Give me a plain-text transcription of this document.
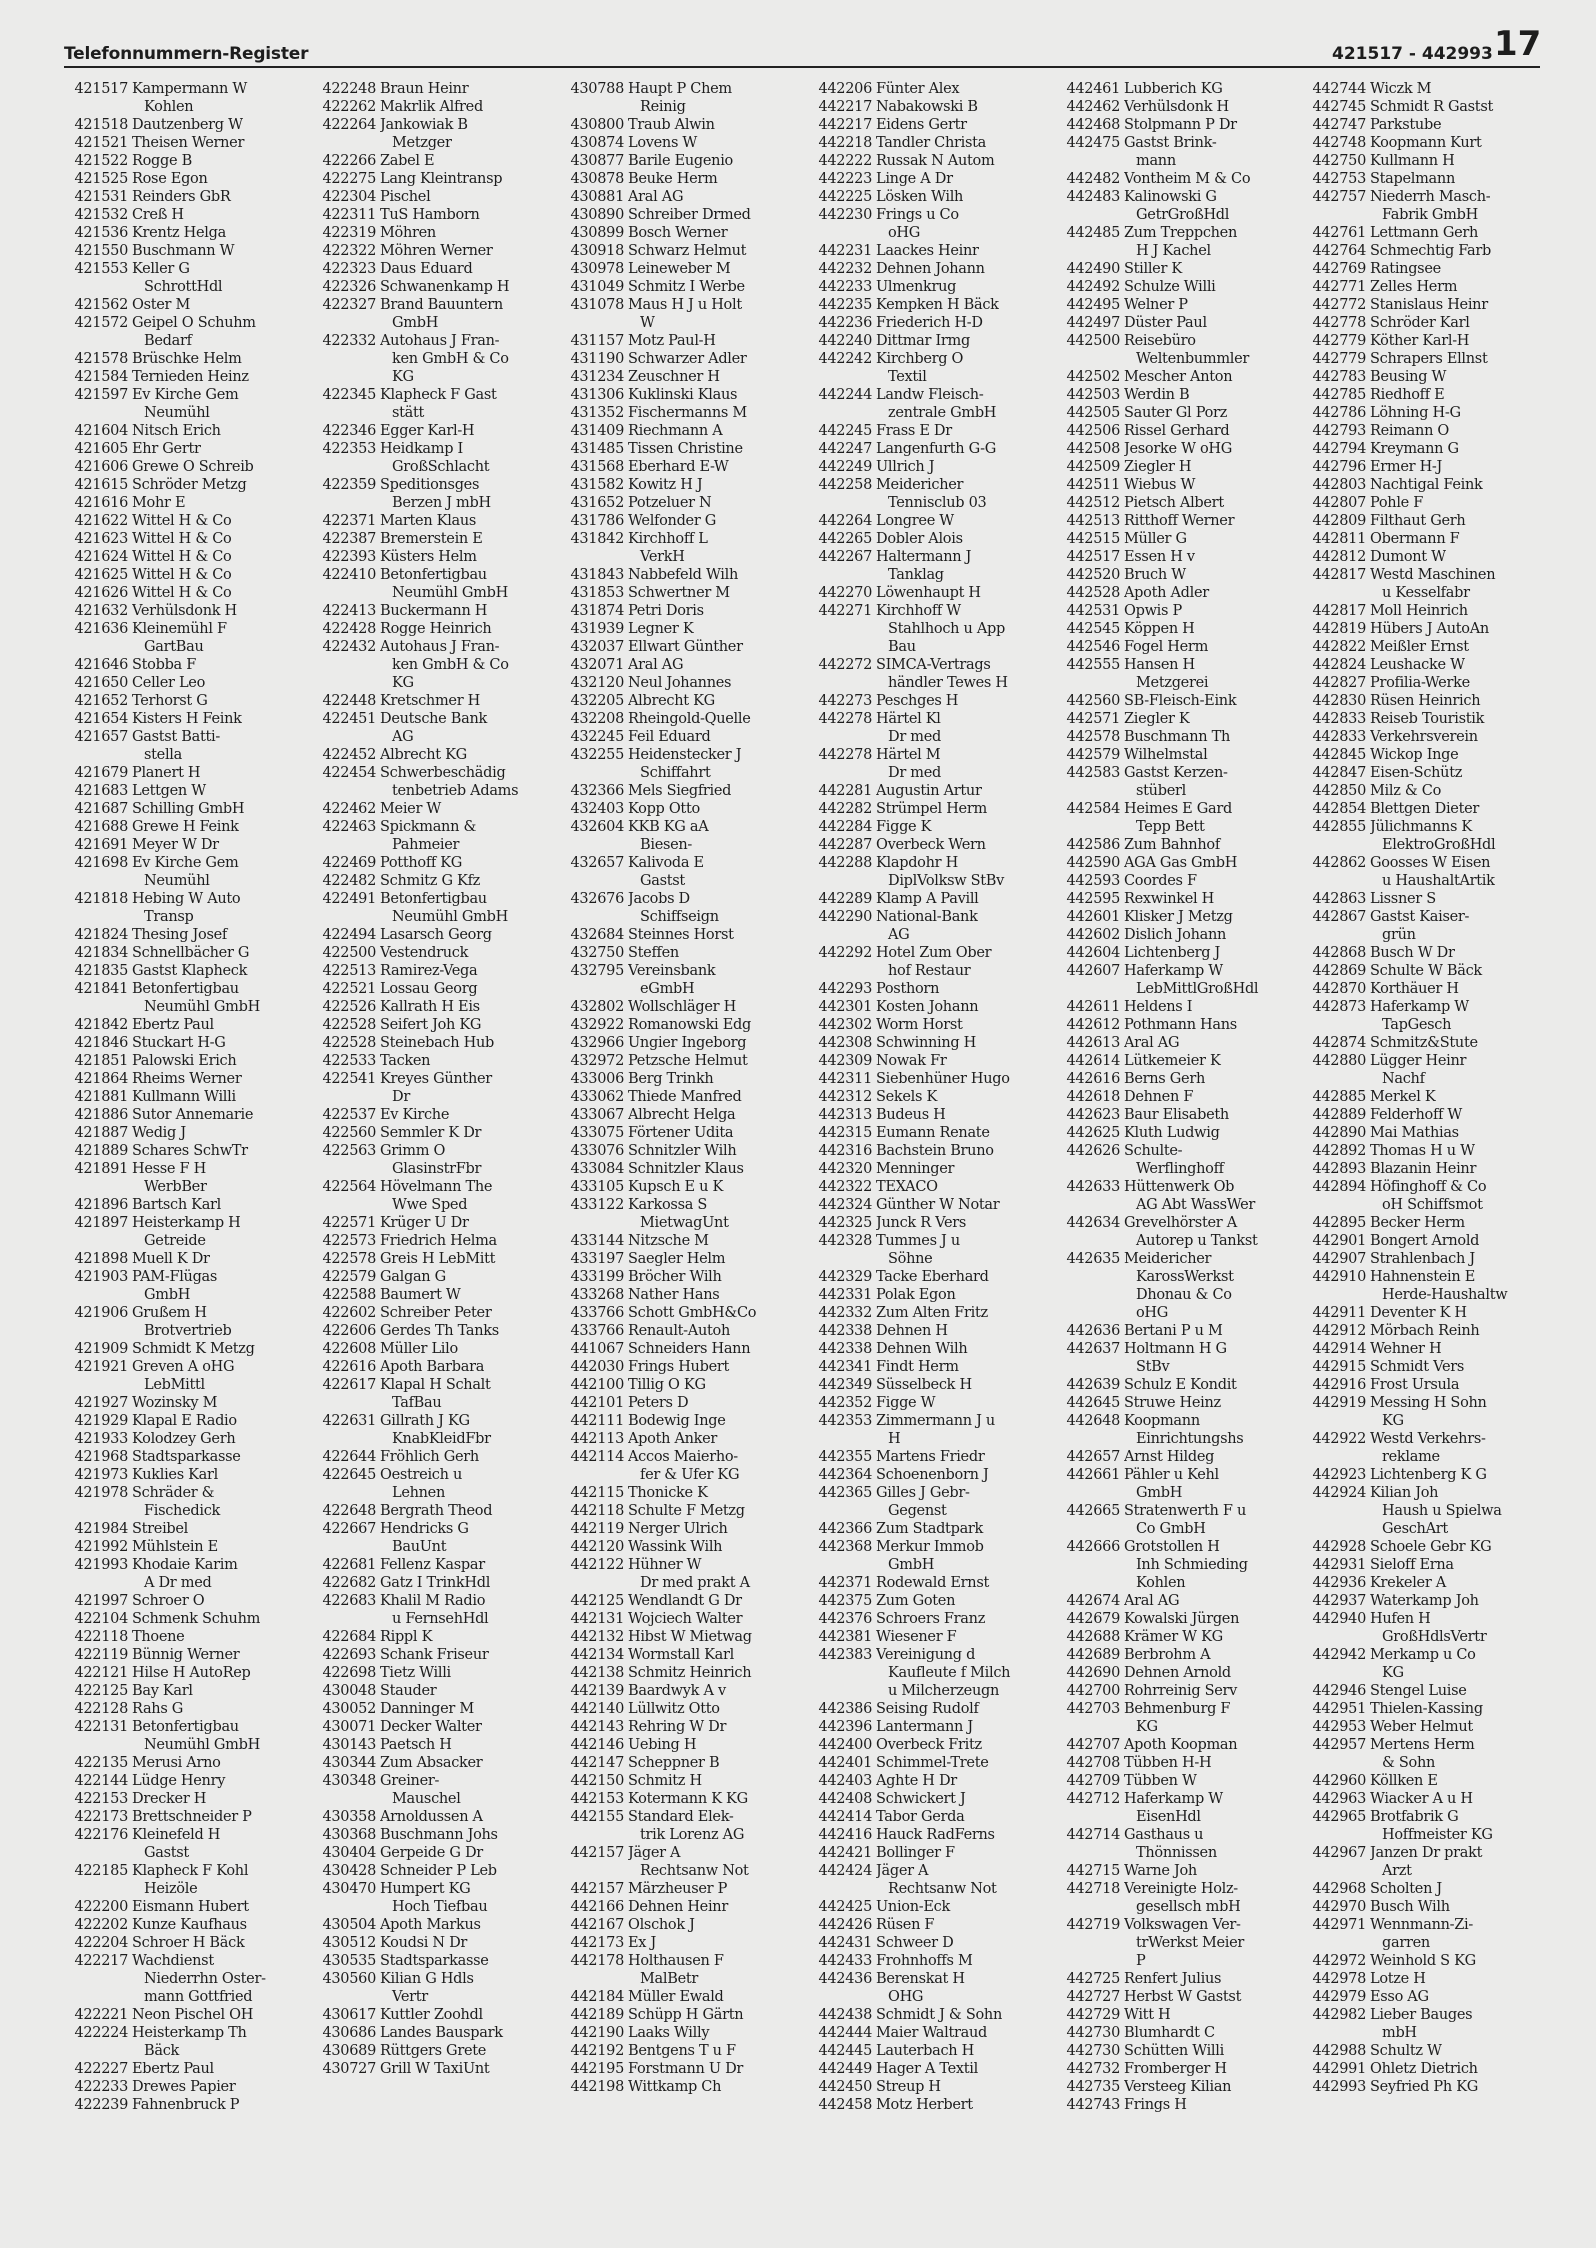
Telefonnummern-Register	421517 - 442993 17
421517 Kampermann W
Kohlen
421518 Dautzenberg W
421521 Theisen Werner
421522 Rogge B
421525 Rose Egon
421531 Reinders GbR
421532 Creß H
421536 Krentz Helga
421550 Buschmann W
421553 Keller G
SchrottHdl
421562 Oster M
421572 Geipel O Schuhm
Bedarf
421578 Brüschke Helm
421584 Ternieden Heinz
421597 Ev Kirche Gem
Neumühl
421604 Nitsch Erich
421605 Ehr Gertr
421606 Grewe O Schreib
421615 Schröder Metzg
421616 Mohr E
421622 Wittel H & Co
421623 Wittel H & Co
421624 Wittel H & Co
421625 Wittel H & Co
421626 Wittel H & Co
421632 Verhülsdonk H
421636 Kleinemühl F
GartBau
421646 Stobba F
421650 Celler Leo
421652 Terhorst G
421654 Kisters H Feink
421657 Gastst Batti-
stella
421679 Planert H
421683 Lettgen W
421687 Schilling GmbH
421688 Grewe H Feink
421691 Meyer W Dr
421698 Ev Kirche Gem
Neumühl
421818 Hebing W Auto
Transp
421824 Thesing Josef
421834 Schnellbächer G
421835 Gastst Klapheck
421841 Betonfertigbau
Neumühl GmbH
421842 Ebertz Paul
421846 Stuckart H-G
421851 Palowski Erich
421864 Rheims Werner
421881 Kullmann Willi
421886 Sutor Annemarie
421887 Wedig J
421889 Schares SchwTr
421891 Hesse F H
WerbBer
421896 Bartsch Karl
421897 Heisterkamp H
Getreide
421898 Muell K Dr
421903 PAM-Flügas
GmbH
421906 Grußem H
Brotvertrieb
421909 Schmidt K Metzg
421921 Greven A oHG
LebMittl
421927 Wozinsky M
421929 Klapal E Radio
421933 Kolodzey Gerh
421968 Stadtsparkasse
421973 Kuklies Karl
421978 Schräder &
Fischedick
421984 Streibel
421992 Mühlstein E
421993 Khodaie Karim
A Dr med
421997 Schroer O
422104 Schmenk Schuhm
422118 Thoene
422119 Bünnig Werner
422121 Hilse H AutoRep
422125 Bay Karl
422128 Rahs G
422131 Betonfertigbau
Neumühl GmbH
422135 Merusi Arno
422144 Lüdge Henry
422153 Drecker H
422173 Brettschneider P
422176 Kleinefeld H
Gastst
422185 Klapheck F Kohl
Heizöle
422200 Eismann Hubert
422202 Kunze Kaufhaus
422204 Schroer H Bäck
422217 Wachdienst
Niederrhn Oster-
mann Gottfried
422221 Neon Pischel OH
422224 Heisterkamp Th
Bäck
422227 Ebertz Paul
422233 Drewes Papier
422239 Fahnenbruck P
422248 Braun Heinr
422262 Makrlik Alfred
422264 Jankowiak B
Metzger
422266 Zabel E
422275 Lang Kleintransp
422304 Pischel
422311 TuS Hamborn
422319 Möhren
422322 Möhren Werner
422323 Daus Eduard
422326 Schwanenkamp H
422327 Brand Bauuntern
GmbH
422332 Autohaus J Fran-
ken GmbH & Co
KG
422345 Klapheck F Gast
stätt
422346 Egger Karl-H
422353 Heidkamp I
GroßSchlacht
422359 Speditionsges
Berzen J mbH
422371 Marten Klaus
422387 Bremerstein E
422393 Küsters Helm
422410 Betonfertigbau
Neumühl GmbH
422413 Buckermann H
422428 Rogge Heinrich
422432 Autohaus J Fran-
ken GmbH & Co
KG
422448 Kretschmer H
422451 Deutsche Bank
AG
422452 Albrecht KG
422454 Schwerbeschädig
tenbetrieb Adams
422462 Meier W
422463 Spickmann &
Pahmeier
422469 Potthoff KG
422482 Schmitz G Kfz
422491 Betonfertigbau
Neumühl GmbH
422494 Lasarsch Georg
422500 Vestendruck
422513 Ramirez-Vega
422521 Lossau Georg
422526 Kallrath H Eis
422528 Seifert Joh KG
422528 Steinebach Hub
422533 Tacken
422541 Kreyes Günther
Dr
422537 Ev Kirche
422560 Semmler K Dr
422563 Grimm O
GlasinstrFbr
422564 Hövelmann The
Wwe Sped
422571 Krüger U Dr
422573 Friedrich Helma
422578 Greis H LebMitt
422579 Galgan G
422588 Baumert W
422602 Schreiber Peter
422606 Gerdes Th Tanks
422608 Müller Lilo
422616 Apoth Barbara
422617 Klapal H Schalt
TafBau
422631 Gillrath J KG
KnabKleidFbr
422644 Fröhlich Gerh
422645 Oestreich u
Lehnen
422648 Bergrath Theod
422667 Hendricks G
BauUnt
422681 Fellenz Kaspar
422682 Gatz I TrinkHdl
422683 Khalil M Radio
u FernsehHdl
422684 Rippl K
422693 Schank Friseur
422698 Tietz Willi
430048 Stauder
430052 Danninger M
430071 Decker Walter
430143 Paetsch H
430344 Zum Absacker
430348 Greiner-
Mauschel
430358 Arnoldussen A
430368 Buschmann Johs
430404 Gerpeide G Dr
430428 Schneider P Leb
430470 Humpert KG
Hoch Tiefbau
430504 Apoth Markus
430512 Koudsi N Dr
430535 Stadtsparkasse
430560 Kilian G Hdls
Vertr
430617 Kuttler Zoohdl
430686 Landes Bauspark
430689 Rüttgers Grete
430727 Grill W TaxiUnt
430788 Haupt P Chem
Reinig
430800 Traub Alwin
430874 Lovens W
430877 Barile Eugenio
430878 Beuke Herm
430881 Aral AG
430890 Schreiber Drmed
430899 Bosch Werner
430918 Schwarz Helmut
430978 Leineweber M
431049 Schmitz I Werbe
431078 Maus H J u Holt
W
431157 Motz Paul-H
431190 Schwarzer Adler
431234 Zeuschner H
431306 Kuklinski Klaus
431352 Fischermanns M
431409 Riechmann A
431485 Tissen Christine
431568 Eberhard E-W
431582 Kowitz H J
431652 Potzeluer N
431786 Welfonder G
431842 Kirchhoff L
VerkH
431843 Nabbefeld Wilh
431853 Schwertner M
431874 Petri Doris
431939 Legner K
432037 Ellwart Günther
432071 Aral AG
432120 Neul Johannes
432205 Albrecht KG
432208 Rheingold-Quelle
432245 Feil Eduard
432255 Heidenstecker J
Schiffahrt
432366 Mels Siegfried
432403 Kopp Otto
432604 KKB KG aA
Biesen-
432657 Kalivoda E
Gastst
432676 Jacobs D
Schiffseign
432684 Steinnes Horst
432750 Steffen
432795 Vereinsbank
eGmbH
432802 Wollschläger H
432922 Romanowski Edg
432966 Ungier Ingeborg
432972 Petzsche Helmut
433006 Berg Trinkh
433062 Thiede Manfred
433067 Albrecht Helga
433075 Förtener Udita
433076 Schnitzler Wilh
433084 Schnitzler Klaus
433105 Kupsch E u K
433122 Karkossa S
MietwagUnt
433144 Nitzsche M
433197 Saegler Helm
433199 Bröcher Wilh
433268 Nather Hans
433766 Schott GmbH&Co
433766 Renault-Autoh
441067 Schneiders Hann
442030 Frings Hubert
442100 Tillig O KG
442101 Peters D
442111 Bodewig Inge
442113 Apoth Anker
442114 Accos Maierho-
fer & Ufer KG
442115 Thonicke K
442118 Schulte F Metzg
442119 Nerger Ulrich
442120 Wassink Wilh
442122 Hühner W
Dr med prakt A
442125 Wendlandt G Dr
442131 Wojciech Walter
442132 Hibst W Mietwag
442134 Wormstall Karl
442138 Schmitz Heinrich
442139 Baardwyk A v
442140 Lüllwitz Otto
442143 Rehring W Dr
442146 Uebing H
442147 Scheppner B
442150 Schmitz H
442153 Kotermann K KG
442155 Standard Elek-
trik Lorenz AG
442157 Jäger A
Rechtsanw Not
442157 Märzheuser P
442166 Dehnen Heinr
442167 Olschok J
442173 Ex J
442178 Holthausen F
MalBetr
442184 Müller Ewald
442189 Schüpp H Gärtn
442190 Laaks Willy
442192 Bentgens T u F
442195 Forstmann U Dr
442198 Wittkamp Ch
442206 Fünter Alex
442217 Nabakowski B
442217 Eidens Gertr
442218 Tandler Christa
442222 Russak N Autom
442223 Linge A Dr
442225 Lösken Wilh
442230 Frings u Co
oHG
442231 Laackes Heinr
442232 Dehnen Johann
442233 Ulmenkrug
442235 Kempken H Bäck
442236 Friederich H-D
442240 Dittmar Irmg
442242 Kirchberg O
Textil
442244 Landw Fleisch-
zentrale GmbH
442245 Frass E Dr
442247 Langenfurth G-G
442249 Ullrich J
442258 Meidericher
Tennisclub 03
442264 Longree W
442265 Dobler Alois
442267 Haltermann J
Tanklag
442270 Löwenhaupt H
442271 Kirchhoff W
Stahlhoch u App
Bau
442272 SIMCA-Vertrags
händler Tewes H
442273 Peschges H
442278 Härtel Kl
Dr med
442278 Härtel M
Dr med
442281 Augustin Artur
442282 Strümpel Herm
442284 Figge K
442287 Overbeck Wern
442288 Klapdohr H
DiplVolksw StBv
442289 Klamp A Pavill
442290 National-Bank
AG
442292 Hotel Zum Ober
hof Restaur
442293 Posthorn
442301 Kosten Johann
442302 Worm Horst
442308 Schwinning H
442309 Nowak Fr
442311 Siebenhüner Hugo
442312 Sekels K
442313 Budeus H
442315 Eumann Renate
442316 Bachstein Bruno
442320 Menninger
442322 TEXACO
442324 Günther W Notar
442325 Junck R Vers
442328 Tummes J u
Söhne
442329 Tacke Eberhard
442331 Polak Egon
442332 Zum Alten Fritz
442338 Dehnen H
442338 Dehnen Wilh
442341 Findt Herm
442349 Süsselbeck H
442352 Figge W
442353 Zimmermann J u
H
442355 Martens Friedr
442364 Schoenenborn J
442365 Gilles J Gebr-
Gegenst
442366 Zum Stadtpark
442368 Merkur Immob
GmbH
442371 Rodewald Ernst
442375 Zum Goten
442376 Schroers Franz
442381 Wiesener F
442383 Vereinigung d
Kaufleute f Milch
u Milcherzeugn
442386 Seising Rudolf
442396 Lantermann J
442400 Overbeck Fritz
442401 Schimmel-Trete
442403 Aghte H Dr
442408 Schwickert J
442414 Tabor Gerda
442416 Hauck RadFerns
442421 Bollinger F
442424 Jäger A
Rechtsanw Not
442425 Union-Eck
442426 Rüsen F
442431 Schweer D
442433 Frohnhoffs M
442436 Berenskat H
OHG
442438 Schmidt J & Sohn
442444 Maier Waltraud
442445 Lauterbach H
442449 Hager A Textil
442450 Streup H
442458 Motz Herbert
442461 Lubberich KG
442462 Verhülsdonk H
442468 Stolpmann P Dr
442475 Gastst Brink-
mann
442482 Vontheim M & Co
442483 Kalinowski G
GetrGroßHdl
442485 Zum Treppchen
H J Kachel
442490 Stiller K
442492 Schulze Willi
442495 Welner P
442497 Düster Paul
442500 Reisebüro
Weltenbummler
442502 Mescher Anton
442503 Werdin B
442505 Sauter Gl Porz
442506 Rissel Gerhard
442508 Jesorke W oHG
442509 Ziegler H
442511 Wiebus W
442512 Pietsch Albert
442513 Ritthoff Werner
442515 Müller G
442517 Essen H v
442520 Bruch W
442528 Apoth Adler
442531 Opwis P
442545 Köppen H
442546 Fogel Herm
442555 Hansen H
Metzgerei
442560 SB-Fleisch-Eink
442571 Ziegler K
442578 Buschmann Th
442579 Wilhelmstal
442583 Gastst Kerzen-
stüberl
442584 Heimes E Gard
Tepp Bett
442586 Zum Bahnhof
442590 AGA Gas GmbH
442593 Coordes F
442595 Rexwinkel H
442601 Klisker J Metzg
442602 Dislich Johann
442604 Lichtenberg J
442607 Haferkamp W
LebMittlGroßHdl
442611 Heldens I
442612 Pothmann Hans
442613 Aral AG
442614 Lütkemeier K
442616 Berns Gerh
442618 Dehnen F
442623 Baur Elisabeth
442625 Kluth Ludwig
442626 Schulte-
Werflinghoff
442633 Hüttenwerk Ob
AG Abt WassWer
442634 Grevelhörster A
Autorep u Tankst
442635 Meidericher
KarossWerkst
Dhonau & Co
oHG
442636 Bertani P u M
442637 Holtmann H G
StBv
442639 Schulz E Kondit
442645 Struwe Heinz
442648 Koopmann
Einrichtungshs
442657 Arnst Hildeg
442661 Pähler u Kehl
GmbH
442665 Stratenwerth F u
Co GmbH
442666 Grotstollen H
Inh Schmieding
Kohlen
442674 Aral AG
442679 Kowalski Jürgen
442688 Krämer W KG
442689 Berbrohm A
442690 Dehnen Arnold
442700 Rohrreinig Serv
442703 Behmenburg F
KG
442707 Apoth Koopman
442708 Tübben H-H
442709 Tübben W
442712 Haferkamp W
EisenHdl
442714 Gasthaus u
Thönnissen
442715 Warne Joh
442718 Vereinigte Holz-
gesellsch mbH
442719 Volkswagen Ver-
trWerkst Meier
P
442725 Renfert Julius
442727 Herbst W Gastst
442729 Witt H
442730 Blumhardt C
442730 Schütten Willi
442732 Fromberger H
442735 Versteeg Kilian
442743 Frings H
442744 Wiczk M
442745 Schmidt R Gastst
442747 Parkstube
442748 Koopmann Kurt
442750 Kullmann H
442753 Stapelmann
442757 Niederrh Masch-
Fabrik GmbH
442761 Lettmann Gerh
442764 Schmechtig Farb
442769 Ratingsee
442771 Zelles Herm
442772 Stanislaus Heinr
442778 Schröder Karl
442779 Köther Karl-H
442779 Schrapers Ellnst
442783 Beusing W
442785 Riedhoff E
442786 Löhning H-G
442793 Reimann O
442794 Kreymann G
442796 Ermer H-J
442803 Nachtigal Feink
442807 Pohle F
442809 Filthaut Gerh
442811 Obermann F
442812 Dumont W
442817 Westd Maschinen
u Kesselfabr
442817 Moll Heinrich
442819 Hübers J AutoAn
442822 Meißler Ernst
442824 Leushacke W
442827 Profilia-Werke
442830 Rüsen Heinrich
442833 Reiseb Touristik
442833 Verkehrsverein
442845 Wickop Inge
442847 Eisen-Schütz
442850 Milz & Co
442854 Blettgen Dieter
442855 Jülichmanns K
ElektroGroßHdl
442862 Goosses W Eisen
u HaushaltArtik
442863 Lissner S
442867 Gastst Kaiser-
grün
442868 Busch W Dr
442869 Schulte W Bäck
442870 Korthäuer H
442873 Haferkamp W
TapGesch
442874 Schmitz&Stute
442880 Lügger Heinr
Nachf
442885 Merkel K
442889 Felderhoff W
442890 Mai Mathias
442892 Thomas H u W
442893 Blazanin Heinr
442894 Höfinghoff & Co
oH Schiffsmot
442895 Becker Herm
442901 Bongert Arnold
442907 Strahlenbach J
442910 Hahnenstein E
Herde-Haushaltw
442911 Deventer K H
442912 Mörbach Reinh
442914 Wehner H
442915 Schmidt Vers
442916 Frost Ursula
442919 Messing H Sohn
KG
442922 Westd Verkehrs-
reklame
442923 Lichtenberg K G
442924 Kilian Joh
Haush u Spielwa
GeschArt
442928 Schoele Gebr KG
442931 Sieloff Erna
442936 Krekeler A
442937 Waterkamp Joh
442940 Hufen H
GroßHdlsVertr
442942 Merkamp u Co
KG
442946 Stengel Luise
442951 Thielen-Kassing
442953 Weber Helmut
442957 Mertens Herm
& Sohn
442960 Köllken E
442963 Wiacker A u H
442965 Brotfabrik G
Hoffmeister KG
442967 Janzen Dr prakt
Arzt
442968 Scholten J
442970 Busch Wilh
442971 Wennmann-Zi-
garren
442972 Weinhold S KG
442978 Lotze H
442979 Esso AG
442982 Lieber Bauges
mbH
442988 Schultz W
442991 Ohletz Dietrich
442993 Seyfried Ph KG
